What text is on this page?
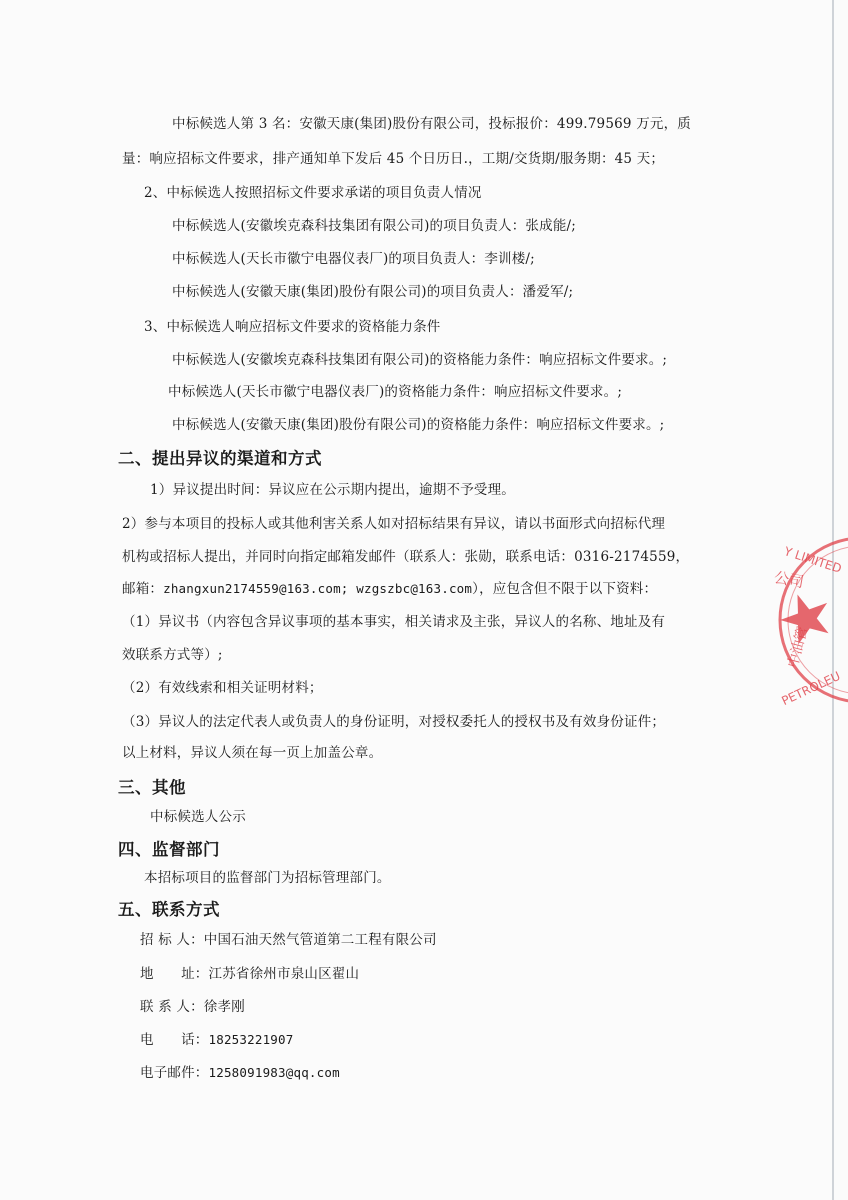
中标候选人第 3 名：安徽天康(集团)股份有限公司，投标报价：499.79569 万元，质
量：响应招标文件要求，排产通知单下发后 45 个日历日.，工期/交货期/服务期：45 天；
2、中标候选人按照招标文件要求承诺的项目负责人情况
中标候选人(安徽埃克森科技集团有限公司)的项目负责人：张成能/;
中标候选人(天长市徽宁电器仪表厂)的项目负责人：李训楼/;
中标候选人(安徽天康(集团)股份有限公司)的项目负责人：潘爱军/;
3、中标候选人响应招标文件要求的资格能力条件
中标候选人(安徽埃克森科技集团有限公司)的资格能力条件：响应招标文件要求。;
中标候选人(天长市徽宁电器仪表厂)的资格能力条件：响应招标文件要求。;
中标候选人(安徽天康(集团)股份有限公司)的资格能力条件：响应招标文件要求。;
二、提出异议的渠道和方式
1）异议提出时间：异议应在公示期内提出，逾期不予受理。
2）参与本项目的投标人或其他利害关系人如对招标结果有异议，请以书面形式向招标代理
机构或招标人提出，并同时向指定邮箱发邮件（联系人：张勋，联系电话：0316-2174559，
邮箱：zhangxun2174559@163.com; wzgszbc@163.com），应包含但不限于以下资料：
（1）异议书（内容包含异议事项的基本事实，相关请求及主张，异议人的名称、地址及有
效联系方式等）;
（2）有效线索和相关证明材料；
（3）异议人的法定代表人或负责人的身份证明，对授权委托人的授权书及有效身份证件；
以上材料，异议人须在每一页上加盖公章。
三、其他
中标候选人公示
四、监督部门
本招标项目的监督部门为招标管理部门。
五、联系方式
招 标 人：中国石油天然气管道第二工程有限公司
地　　址：江苏省徐州市泉山区翟山
联 系 人：徐孝刚
电　　话：18253221907
电子邮件：1258091983@qq.com
Y LIMITED
公司
中油管
PETROLEU
